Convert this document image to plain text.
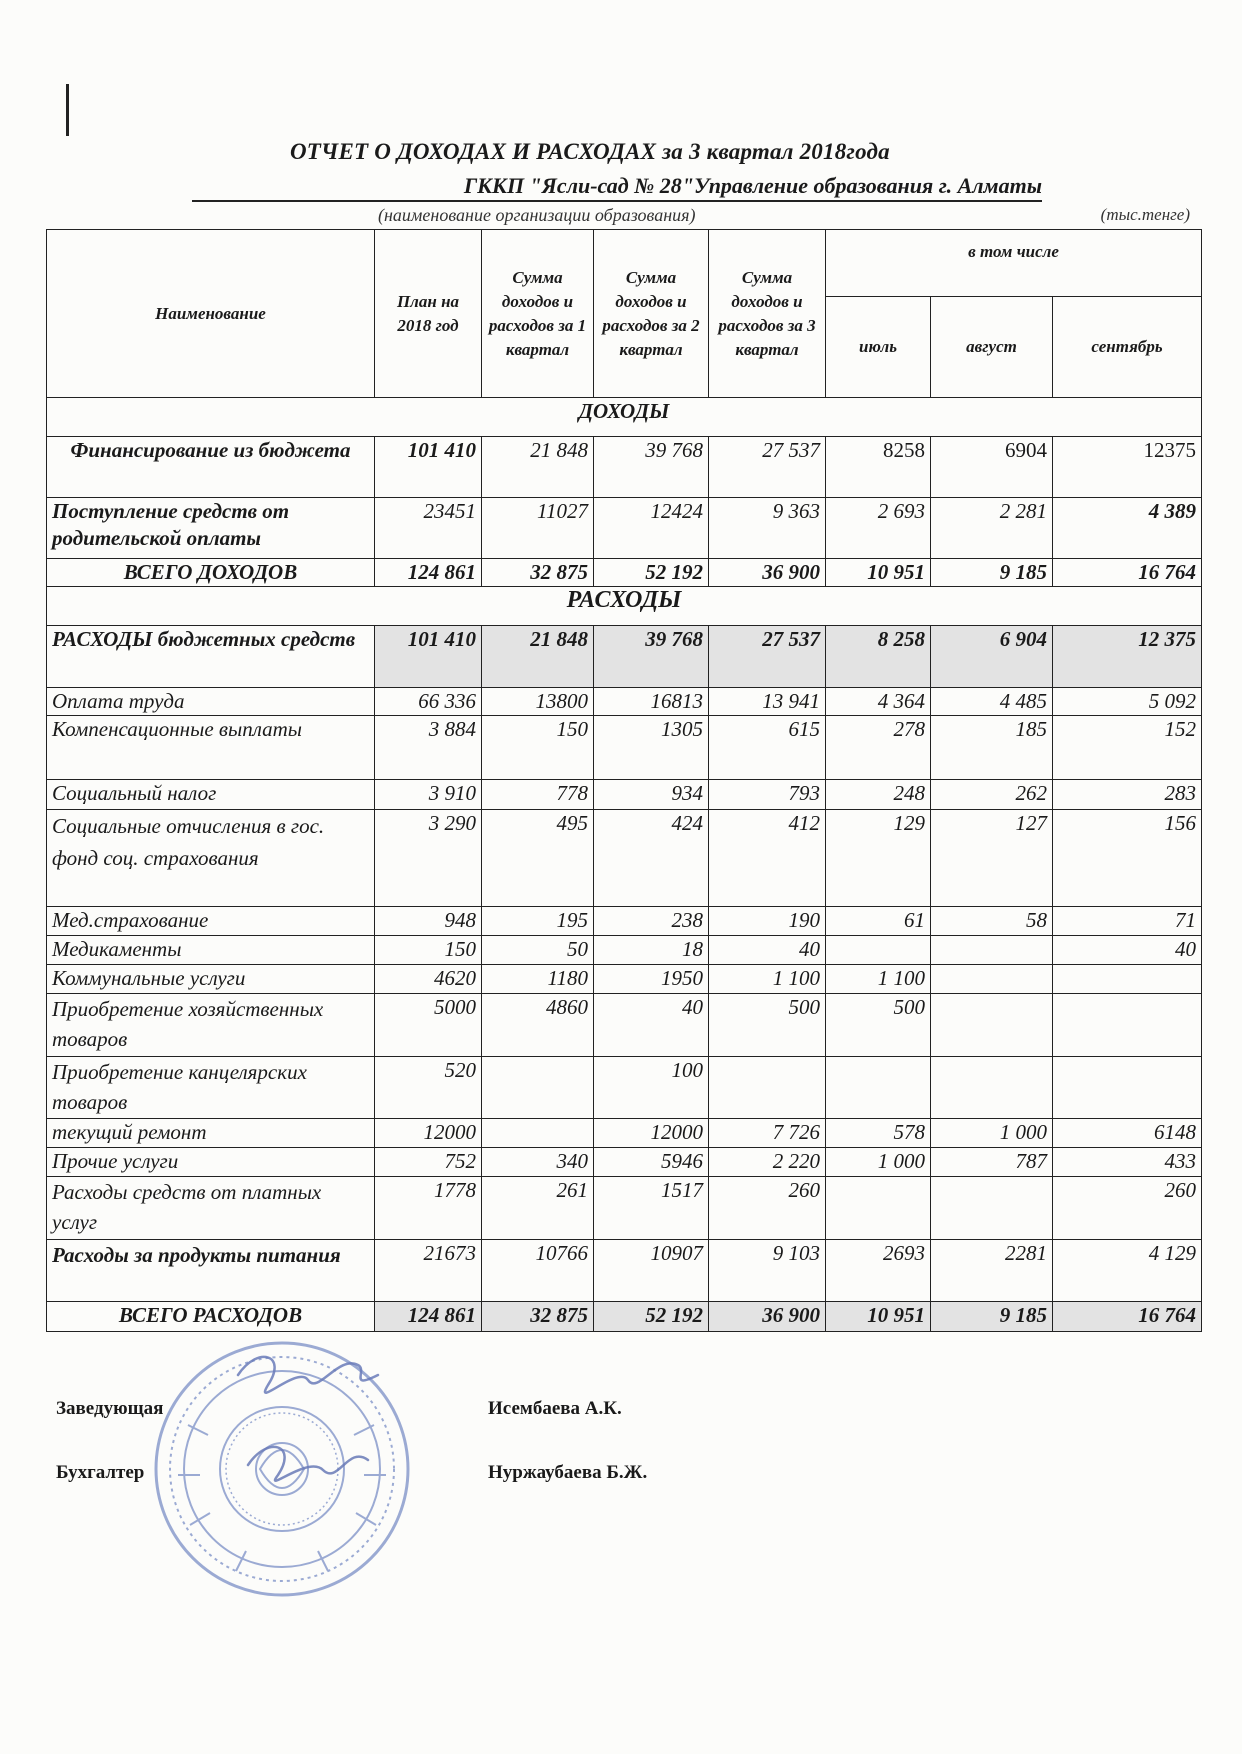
ОТЧЕТ О ДОХОДАХ И РАСХОДАХ за 3 квартал 2018года
ГККП "Ясли-сад № 28"Управление образования г. Алматы
(наименование организации образования)	(тыс.тенге)
Наименование	План на 2018 год	Сумма доходов и расходов за 1 квартал	Сумма доходов и расходов за 2 квартал	Сумма доходов и расходов за 3 квартал	в том числе		
					июль	август	сентябрь
ДОХОДЫ							
Финансирование из бюджета	101 410	21 848	39 768	27 537	8258	6904	12375
Поступление средств от родительской оплаты	23451	11027	12424	9 363	2 693	2 281	4 389
ВСЕГО ДОХОДОВ	124 861	32 875	52 192	36 900	10 951	9 185	16 764
РАСХОДЫ							
РАСХОДЫ бюджетных средств	101 410	21 848	39 768	27 537	8 258	6 904	12 375
Оплата труда	66 336	13800	16813	13 941	4 364	4 485	5 092
Компенсационные выплаты	3 884	150	1305	615	278	185	152
Социальный налог	3 910	778	934	793	248	262	283
Социальные отчисления в гос. фонд соц. страхования	3 290	495	424	412	129	127	156
Мед.страхование	948	195	238	190	61	58	71
Медикаменты	150	50	18	40			40
Коммунальные услуги	4620	1180	1950	1 100	1 100		
Приобретение хозяйственных товаров	5000	4860	40	500	500		
Приобретение канцелярских товаров	520		100				
текущий ремонт	12000		12000	7 726	578	1 000	6148
Прочие услуги	752	340	5946	2 220	1 000	787	433
Расходы средств от платных услуг	1778	261	1517	260			260
Расходы за продукты питания	21673	10766	10907	9 103	2693	2281	4 129
ВСЕГО РАСХОДОВ	124 861	32 875	52 192	36 900	10 951	9 185	16 764
Заведующая	Исембаева А.К.
Бухгалтер	Нуржаубаева Б.Ж.
